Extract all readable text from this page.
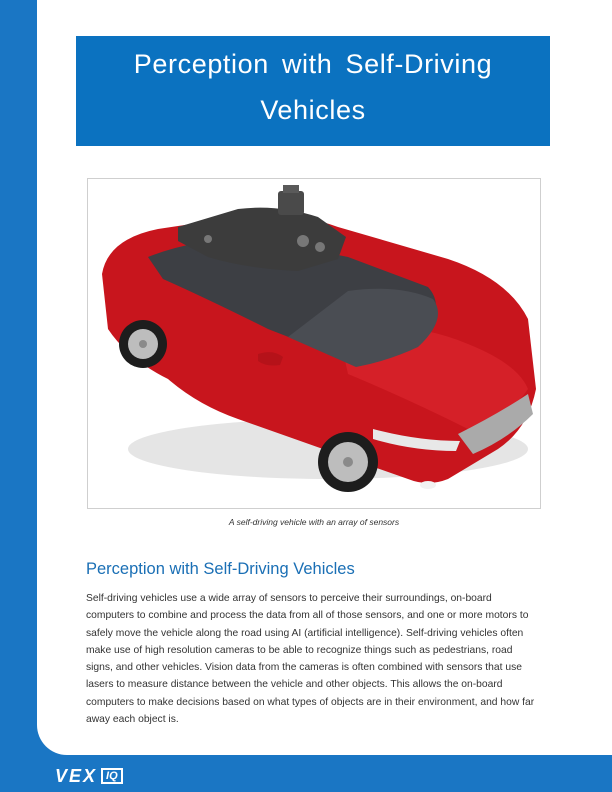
Perception with Self-Driving Vehicles
A self-driving vehicle with an array of sensors
Perception with Self-Driving Vehicles

Self-driving vehicles use a wide array of sensors to perceive their surroundings, on-board computers to combine and process the data from all of those sensors, and one or more motors to safely move the vehicle along the road using AI (artificial intelligence). Self-driving vehicles often make use of high resolution cameras to be able to recognize things such as pedestrians, road signs, and other vehicles. Vision data from the cameras is often combined with sensors that use lasers to measure distance between the vehicle and other objects. This allows the on-board computers to make decisions based on what types of objects are in their environment, and how far away each object is.

VEX IQ
